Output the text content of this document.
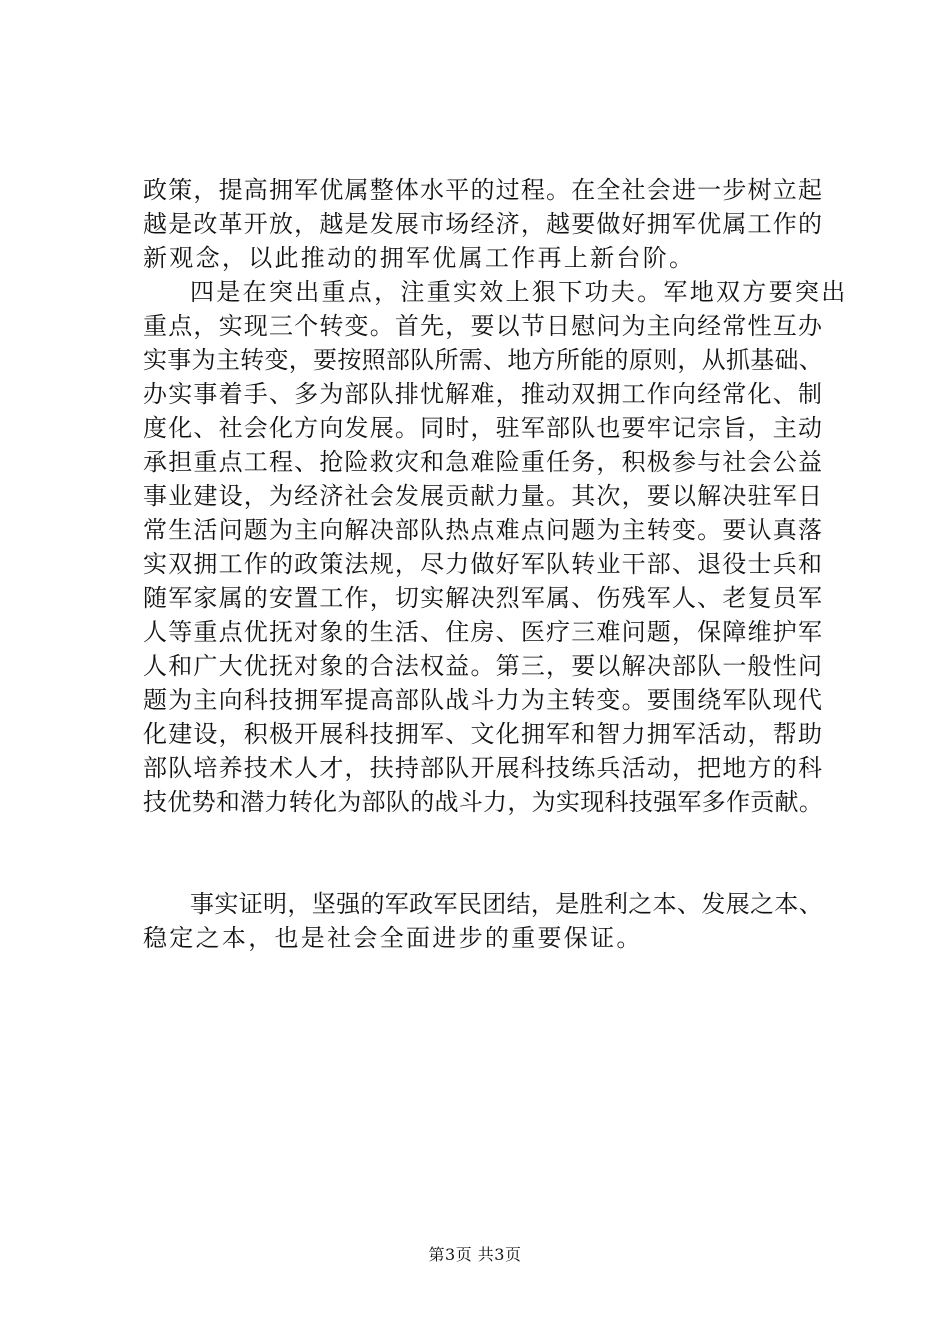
政策，提高拥军优属整体水平的过程。在全社会进一步树立起
越是改革开放，越是发展市场经济，越要做好拥军优属工作的
新观念，以此推动的拥军优属工作再上新台阶。
四是在突出重点，注重实效上狠下功夫。军地双方要突出
重点，实现三个转变。首先，要以节日慰问为主向经常性互办
实事为主转变，要按照部队所需、地方所能的原则，从抓基础、
办实事着手、多为部队排忧解难，推动双拥工作向经常化、制
度化、社会化方向发展。同时，驻军部队也要牢记宗旨，主动
承担重点工程、抢险救灾和急难险重任务，积极参与社会公益
事业建设，为经济社会发展贡献力量。其次，要以解决驻军日
常生活问题为主向解决部队热点难点问题为主转变。要认真落
实双拥工作的政策法规，尽力做好军队转业干部、退役士兵和
随军家属的安置工作，切实解决烈军属、伤残军人、老复员军
人等重点优抚对象的生活、住房、医疗三难问题，保障维护军
人和广大优抚对象的合法权益。第三，要以解决部队一般性问
题为主向科技拥军提高部队战斗力为主转变。要围绕军队现代
化建设，积极开展科技拥军、文化拥军和智力拥军活动，帮助
部队培养技术人才，扶持部队开展科技练兵活动，把地方的科
技优势和潜力转化为部队的战斗力，为实现科技强军多作贡献。
事实证明，坚强的军政军民团结，是胜利之本、发展之本、
稳定之本，也是社会全面进步的重要保证。
第3页 共3页
